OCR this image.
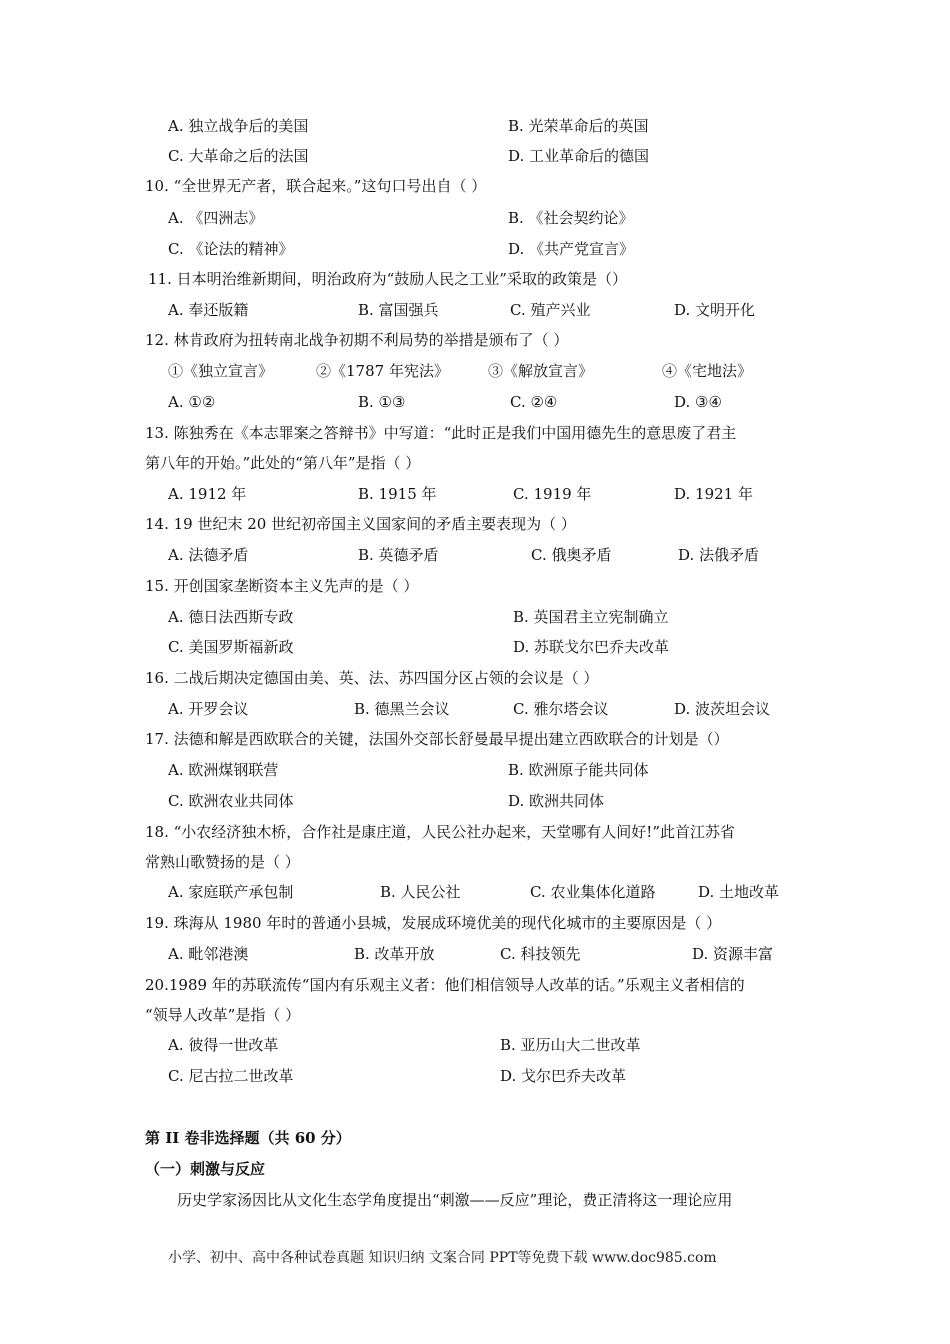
A. 独立战争后的美国	B. 光荣革命后的英国
C. 大革命之后的法国	D. 工业革命后的德国
10. “全世界无产者，联合起来。”这句口号出自（ ）
A. 《四洲志》	B. 《社会契约论》
C. 《论法的精神》	D. 《共产党宣言》
11. 日本明治维新期间，明治政府为“鼓励人民之工业”采取的政策是（）
A. 奉还版籍	B. 富国强兵	C. 殖产兴业	D. 文明开化
12. 林肯政府为扭转南北战争初期不利局势的举措是颁布了（ ）
①《独立宣言》	②《1787 年宪法》	③《解放宣言》	④《宅地法》
A. ①②	B. ①③	C. ②④	D. ③④
13. 陈独秀在《本志罪案之答辩书》中写道：“此时正是我们中国用德先生的意思废了君主
第八年的开始。”此处的“第八年”是指（ ）
A. 1912 年	B. 1915 年	C. 1919 年	D. 1921 年
14. 19 世纪末 20 世纪初帝国主义国家间的矛盾主要表现为（ ）
A. 法德矛盾	B. 英德矛盾	C. 俄奥矛盾	D. 法俄矛盾
15. 开创国家垄断资本主义先声的是（ ）
A. 德日法西斯专政	B. 英国君主立宪制确立
C. 美国罗斯福新政	D. 苏联戈尔巴乔夫改革
16. 二战后期决定德国由美、英、法、苏四国分区占领的会议是（ ）
A. 开罗会议	B. 德黑兰会议	C. 雅尔塔会议	D. 波茨坦会议
17. 法德和解是西欧联合的关键，法国外交部长舒曼最早提出建立西欧联合的计划是（）
A. 欧洲煤钢联营	B. 欧洲原子能共同体
C. 欧洲农业共同体	D. 欧洲共同体
18. “小农经济独木桥，合作社是康庄道，人民公社办起来，天堂哪有人间好!”此首江苏省
常熟山歌赞扬的是（ ）
A. 家庭联产承包制	B. 人民公社	C. 农业集体化道路	D. 土地改革
19. 珠海从 1980 年时的普通小县城，发展成环境优美的现代化城市的主要原因是（ ）
A. 毗邻港澳	B. 改革开放	C. 科技领先	D. 资源丰富
20.1989 年的苏联流传“国内有乐观主义者：他们相信领导人改革的话。”乐观主义者相信的
“领导人改革”是指（ ）
A. 彼得一世改革	B. 亚历山大二世改革
C. 尼古拉二世改革	D. 戈尔巴乔夫改革
第 II 卷非选择题（共 60 分）
（一）刺激与反应
历史学家汤因比从文化生态学角度提出“刺激——反应”理论，费正清将这一理论应用
小学、初中、高中各种试卷真题 知识归纳 文案合同 PPT等免费下载 www.doc985.com
